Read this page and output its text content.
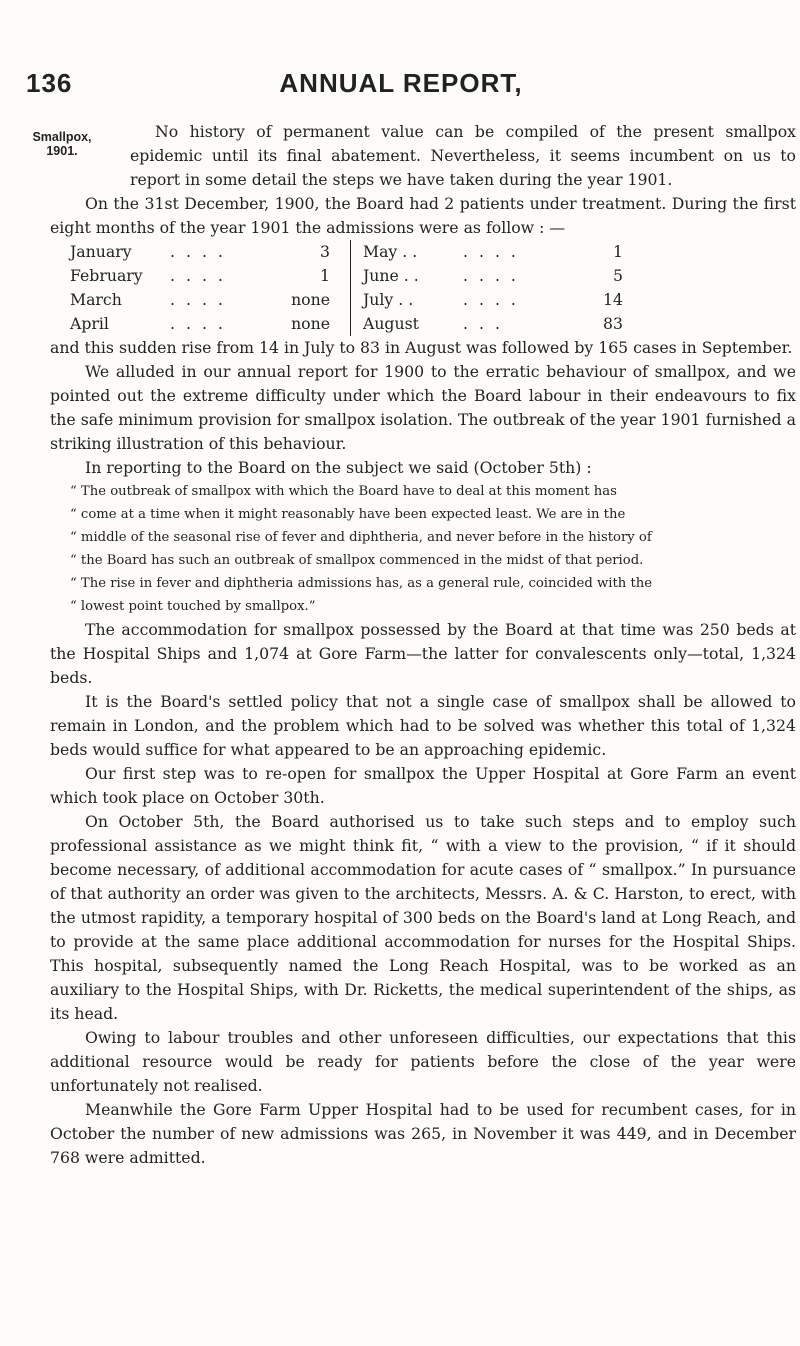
136	ANNUAL REPORT,
Smallpox,
1901.

No history of permanent value can be compiled of the present smallpox epidemic until its final abatement. Nevertheless, it seems incumbent on us to report in some detail the steps we have taken during the year 1901.

On the 31st December, 1900, the Board had 2 patients under treatment. During the first eight months of the year 1901 the admissions were as follow : —

January	. . . .	3
February	. . . .	1
March	. . . .	none
April	. . . .	none
May . .	. . . .	1
June . .	. . . .	5
July . .	. . . .	14
August	. . .	83

and this sudden rise from 14 in July to 83 in August was followed by 165 cases in September.

We alluded in our annual report for 1900 to the erratic behaviour of smallpox, and we pointed out the extreme difficulty under which the Board labour in their endeavours to fix the safe minimum provision for smallpox isolation. The outbreak of the year 1901 furnished a striking illustration of this behaviour.

In reporting to the Board on the subject we said (October 5th) :

“ The outbreak of smallpox with which the Board have to deal at this moment has

“ come at a time when it might reasonably have been expected least. We are in the

“ middle of the seasonal rise of fever and diphtheria, and never before in the history of

“ the Board has such an outbreak of smallpox commenced in the midst of that period.

“ The rise in fever and diphtheria admissions has, as a general rule, coincided with the

“ lowest point touched by smallpox.”

The accommodation for smallpox possessed by the Board at that time was 250 beds at the Hospital Ships and 1,074 at Gore Farm—the latter for convalescents only—total, 1,324 beds.

It is the Board's settled policy that not a single case of smallpox shall be allowed to remain in London, and the problem which had to be solved was whether this total of 1,324 beds would suffice for what appeared to be an approaching epidemic.

Our first step was to re-open for smallpox the Upper Hospital at Gore Farm an event which took place on October 30th.

On October 5th, the Board authorised us to take such steps and to employ such professional assistance as we might think fit, “ with a view to the provision, “ if it should become necessary, of additional accommodation for acute cases of “ smallpox.” In pursuance of that authority an order was given to the architects, Messrs. A. & C. Harston, to erect, with the utmost rapidity, a temporary hospital of 300 beds on the Board's land at Long Reach, and to provide at the same place additional accommodation for nurses for the Hospital Ships. This hospital, subsequently named the Long Reach Hospital, was to be worked as an auxiliary to the Hospital Ships, with Dr. Ricketts, the medical superintendent of the ships, as its head.

Owing to labour troubles and other unforeseen difficulties, our expectations that this additional resource would be ready for patients before the close of the year were unfortunately not realised.

Meanwhile the Gore Farm Upper Hospital had to be used for recumbent cases, for in October the number of new admissions was 265, in November it was 449, and in December 768 were admitted.
